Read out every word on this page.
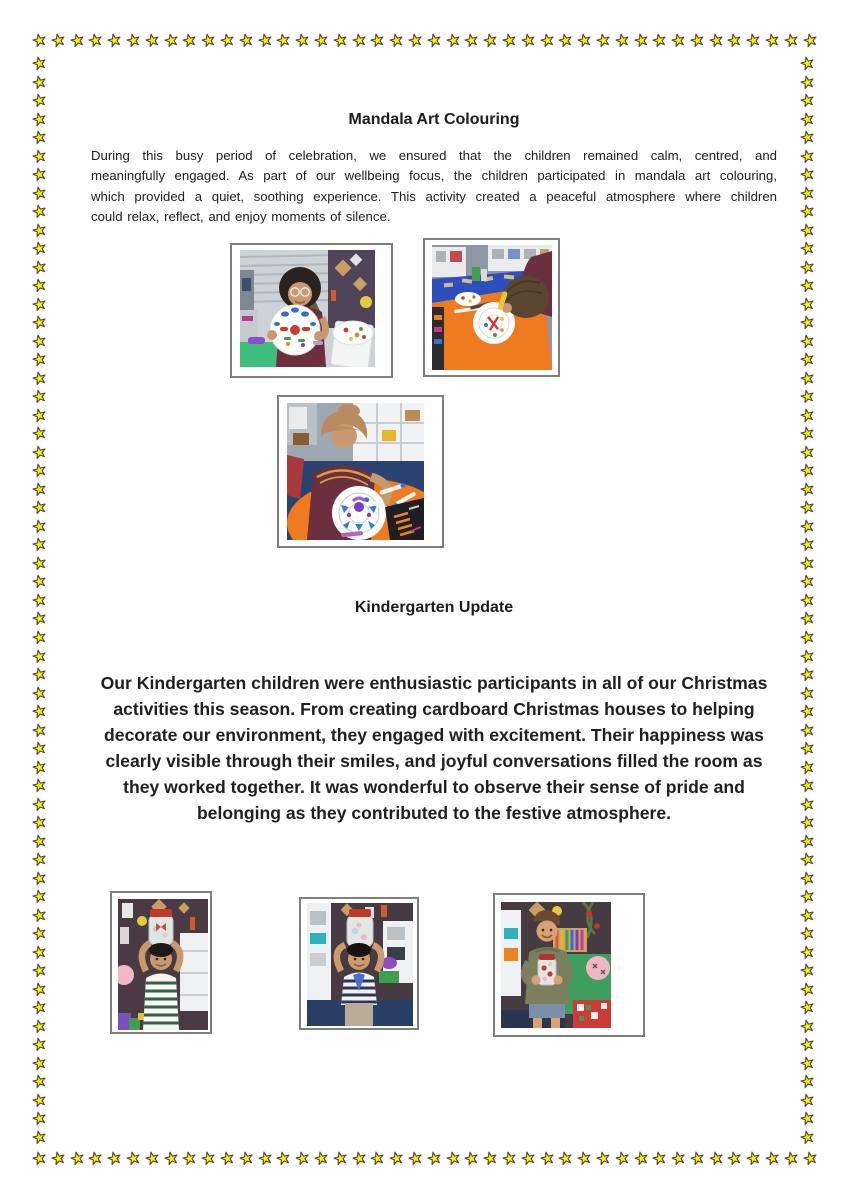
Mandala Art Colouring
During this busy period of celebration, we ensured that the children remained calm, centred, and
meaningfully engaged. As part of our wellbeing focus, the children participated in mandala art colouring,
which provided a quiet, soothing experience. This activity created a peaceful atmosphere where children
could relax, reflect, and enjoy moments of silence.
Kindergarten Update
Our Kindergarten children were enthusiastic participants in all of our Christmas
activities this season. From creating cardboard Christmas houses to helping
decorate our environment, they engaged with excitement. Their happiness was
clearly visible through their smiles, and joyful conversations filled the room as
they worked together. It was wonderful to observe their sense of pride and
belonging as they contributed to the festive atmosphere.
